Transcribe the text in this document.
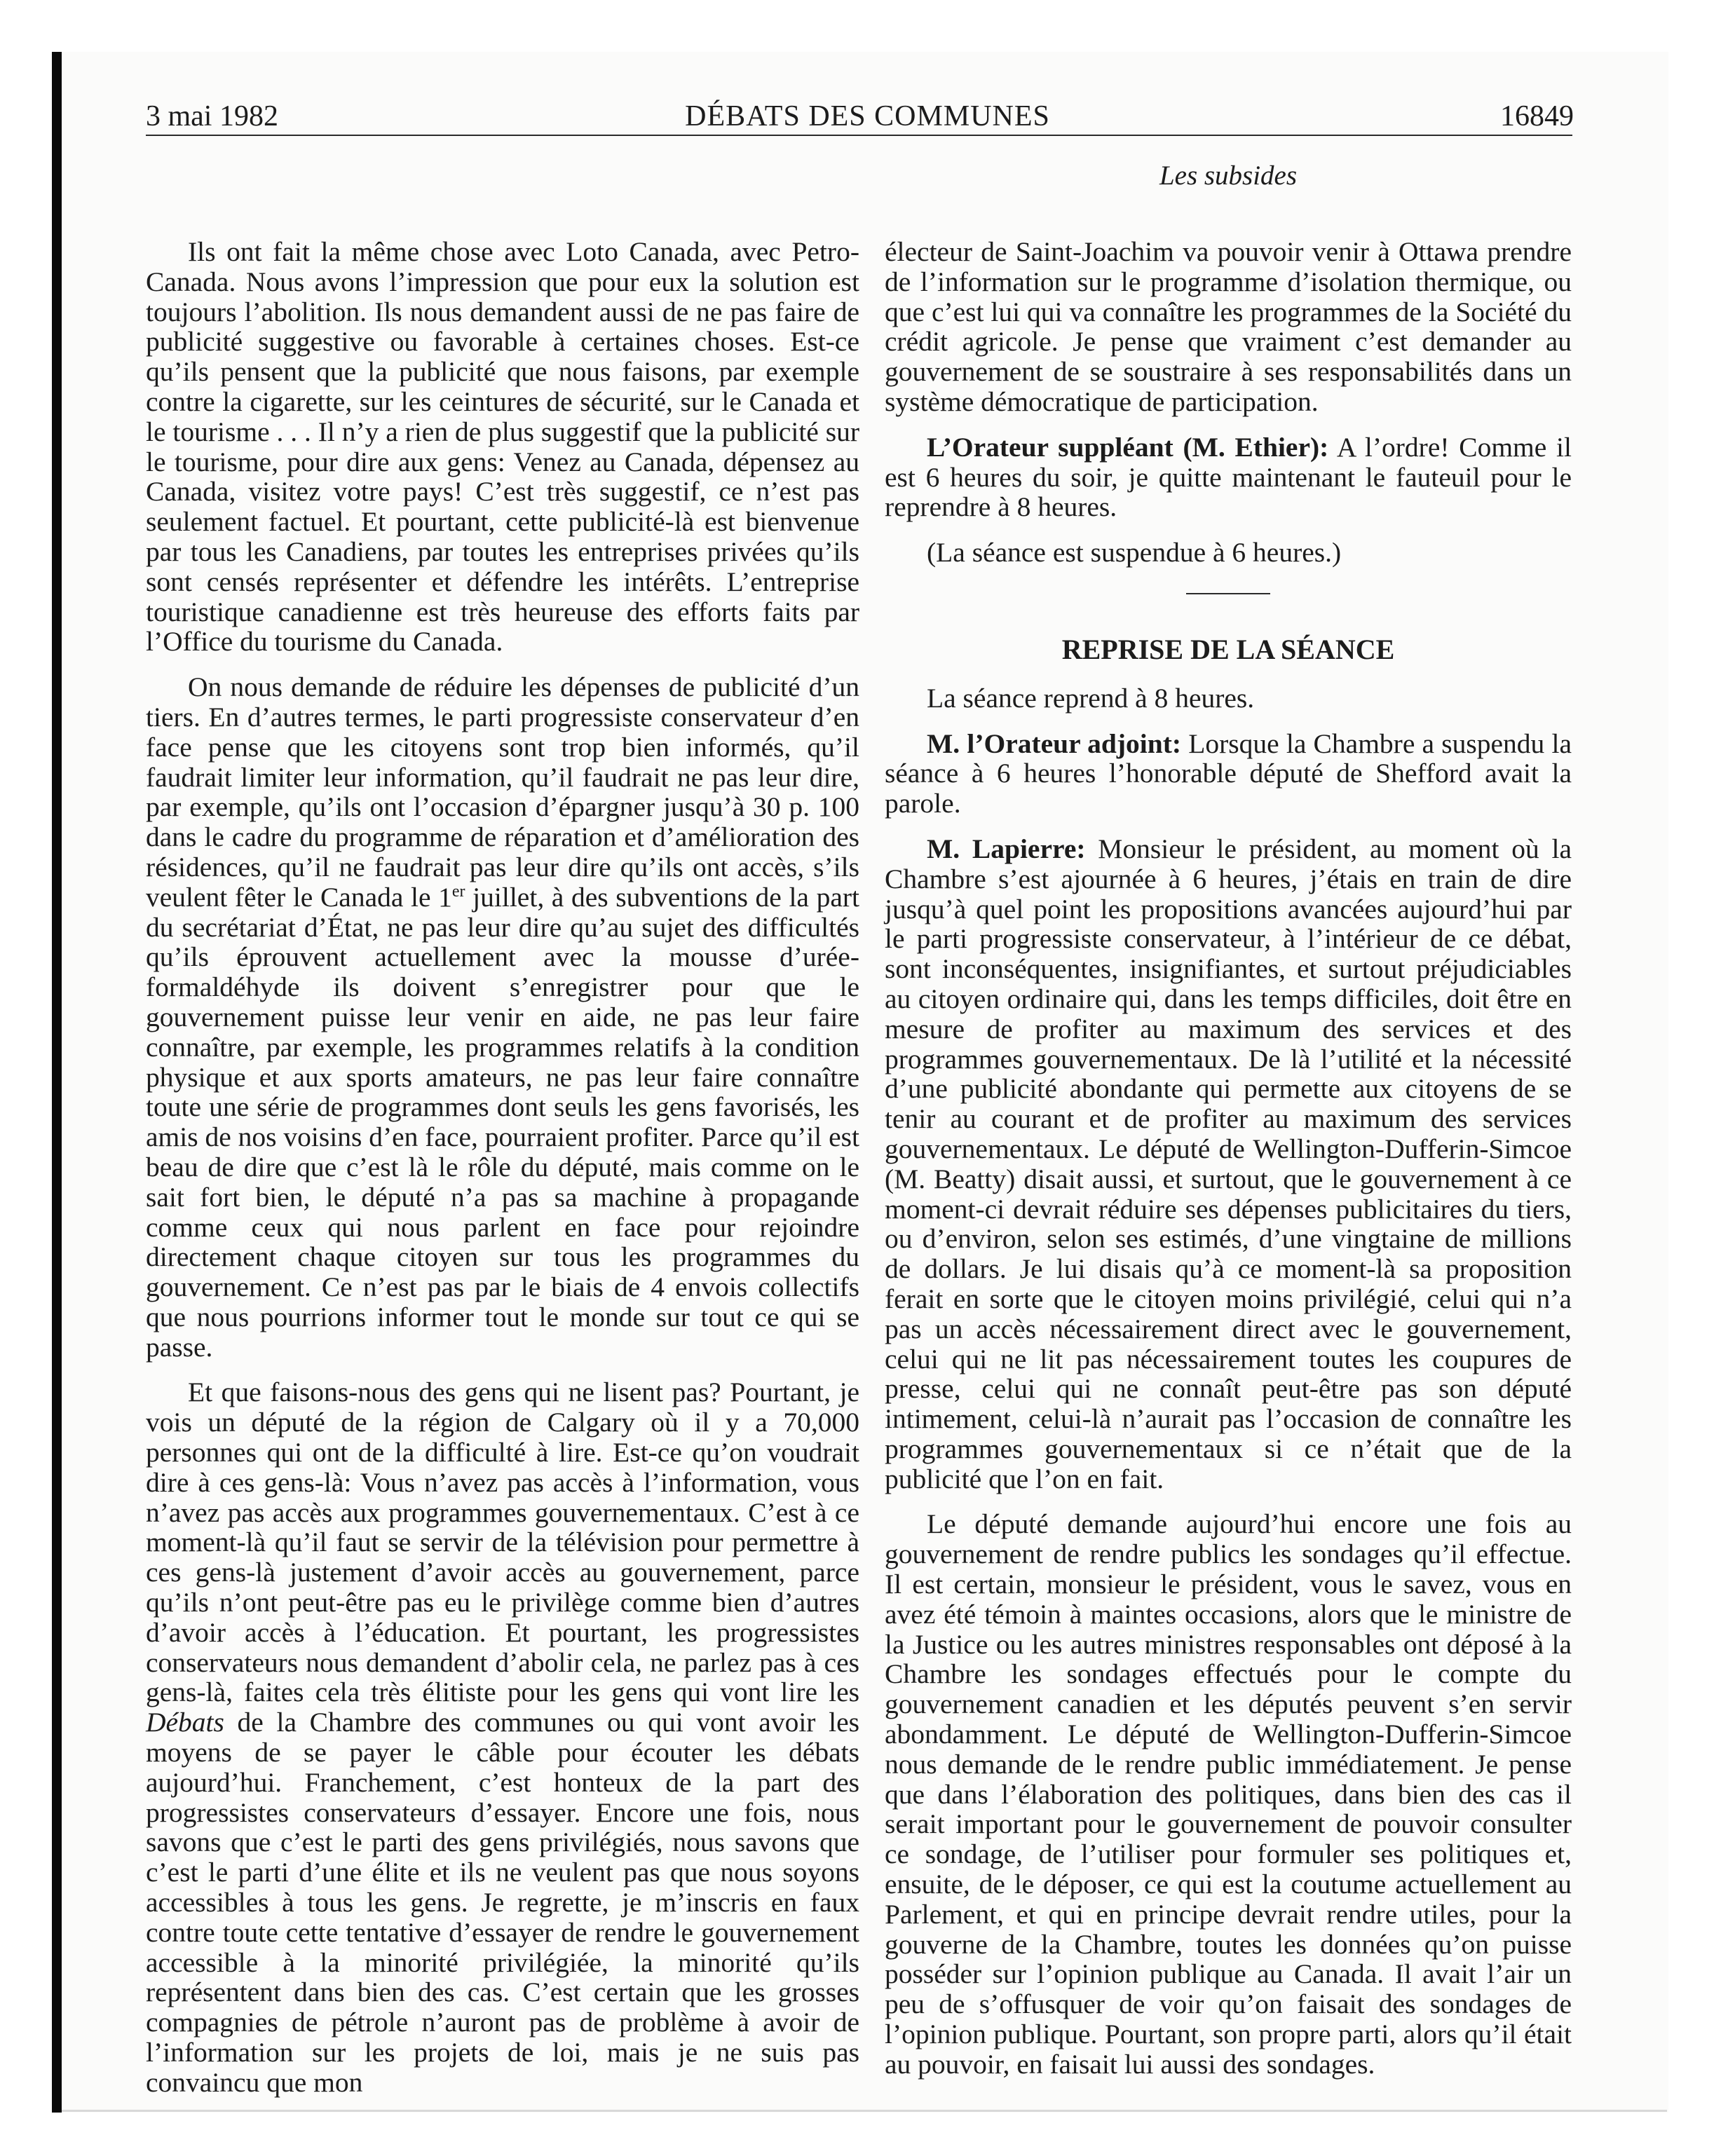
3 mai 1982	DÉBATS DES COMMUNES	16849
Les subsides

Ils ont fait la même chose avec Loto Canada, avec Petro-Canada. Nous avons l’impression que pour eux la solution est toujours l’abolition. Ils nous demandent aussi de ne pas faire de publicité suggestive ou favorable à certaines choses. Est-ce qu’ils pensent que la publicité que nous faisons, par exemple contre la cigarette, sur les ceintures de sécurité, sur le Canada et le tourisme . . . Il n’y a rien de plus suggestif que la publicité sur le tourisme, pour dire aux gens: Venez au Canada, dépensez au Canada, visitez votre pays! C’est très suggestif, ce n’est pas seulement factuel. Et pourtant, cette publicité-là est bienvenue par tous les Canadiens, par toutes les entreprises privées qu’ils sont censés représenter et défendre les intérêts. L’entreprise touristique canadienne est très heureuse des efforts faits par l’Office du tourisme du Canada.

On nous demande de réduire les dépenses de publicité d’un tiers. En d’autres termes, le parti progressiste conservateur d’en face pense que les citoyens sont trop bien informés, qu’il faudrait limiter leur information, qu’il faudrait ne pas leur dire, par exemple, qu’ils ont l’occasion d’épargner jusqu’à 30 p. 100 dans le cadre du programme de réparation et d’amélioration des résidences, qu’il ne faudrait pas leur dire qu’ils ont accès, s’ils veulent fêter le Canada le 1er juillet, à des subventions de la part du secrétariat d’État, ne pas leur dire qu’au sujet des difficultés qu’ils éprouvent actuellement avec la mousse d’urée-formaldéhyde ils doivent s’enregistrer pour que le gouvernement puisse leur venir en aide, ne pas leur faire connaître, par exemple, les programmes relatifs à la condition physique et aux sports amateurs, ne pas leur faire connaître toute une série de programmes dont seuls les gens favorisés, les amis de nos voisins d’en face, pourraient profiter. Parce qu’il est beau de dire que c’est là le rôle du député, mais comme on le sait fort bien, le député n’a pas sa machine à propagande comme ceux qui nous parlent en face pour rejoindre directement chaque citoyen sur tous les programmes du gouvernement. Ce n’est pas par le biais de 4 envois collectifs que nous pourrions informer tout le monde sur tout ce qui se passe.

Et que faisons-nous des gens qui ne lisent pas? Pourtant, je vois un député de la région de Calgary où il y a 70,000 personnes qui ont de la difficulté à lire. Est-ce qu’on voudrait dire à ces gens-là: Vous n’avez pas accès à l’information, vous n’avez pas accès aux programmes gouvernementaux. C’est à ce moment-là qu’il faut se servir de la télévision pour permettre à ces gens-là justement d’avoir accès au gouvernement, parce qu’ils n’ont peut-être pas eu le privilège comme bien d’autres d’avoir accès à l’éducation. Et pourtant, les progressistes conservateurs nous demandent d’abolir cela, ne parlez pas à ces gens-là, faites cela très élitiste pour les gens qui vont lire les Débats de la Chambre des communes ou qui vont avoir les moyens de se payer le câble pour écouter les débats aujourd’hui. Franchement, c’est honteux de la part des progressistes conservateurs d’essayer. Encore une fois, nous savons que c’est le parti des gens privilégiés, nous savons que c’est le parti d’une élite et ils ne veulent pas que nous soyons accessibles à tous les gens. Je regrette, je m’inscris en faux contre toute cette tentative d’essayer de rendre le gouvernement accessible à la minorité privilégiée, la minorité qu’ils représentent dans bien des cas. C’est certain que les grosses compagnies de pétrole n’auront pas de problème à avoir de l’information sur les projets de loi, mais je ne suis pas convaincu que mon

électeur de Saint-Joachim va pouvoir venir à Ottawa prendre de l’information sur le programme d’isolation thermique, ou que c’est lui qui va connaître les programmes de la Société du crédit agricole. Je pense que vraiment c’est demander au gouvernement de se soustraire à ses responsabilités dans un système démocratique de participation.

L’Orateur suppléant (M. Ethier): A l’ordre! Comme il est 6 heures du soir, je quitte maintenant le fauteuil pour le reprendre à 8 heures.

(La séance est suspendue à 6 heures.)

REPRISE DE LA SÉANCE

La séance reprend à 8 heures.

M. l’Orateur adjoint: Lorsque la Chambre a suspendu la séance à 6 heures l’honorable député de Shefford avait la parole.

M. Lapierre: Monsieur le président, au moment où la Chambre s’est ajournée à 6 heures, j’étais en train de dire jusqu’à quel point les propositions avancées aujourd’hui par le parti progressiste conservateur, à l’intérieur de ce débat, sont inconséquentes, insignifiantes, et surtout préjudiciables au citoyen ordinaire qui, dans les temps difficiles, doit être en mesure de profiter au maximum des services et des programmes gouvernementaux. De là l’utilité et la nécessité d’une publicité abondante qui permette aux citoyens de se tenir au courant et de profiter au maximum des services gouvernementaux. Le député de Wellington-Dufferin-Simcoe (M. Beatty) disait aussi, et surtout, que le gouvernement à ce moment-ci devrait réduire ses dépenses publicitaires du tiers, ou d’environ, selon ses estimés, d’une vingtaine de millions de dollars. Je lui disais qu’à ce moment-là sa proposition ferait en sorte que le citoyen moins privilégié, celui qui n’a pas un accès nécessairement direct avec le gouvernement, celui qui ne lit pas nécessairement toutes les coupures de presse, celui qui ne connaît peut-être pas son député intimement, celui-là n’aurait pas l’occasion de connaître les programmes gouvernementaux si ce n’était que de la publicité que l’on en fait.

Le député demande aujourd’hui encore une fois au gouvernement de rendre publics les sondages qu’il effectue. Il est certain, monsieur le président, vous le savez, vous en avez été témoin à maintes occasions, alors que le ministre de la Justice ou les autres ministres responsables ont déposé à la Chambre les sondages effectués pour le compte du gouvernement canadien et les députés peuvent s’en servir abondamment. Le député de Wellington-Dufferin-Simcoe nous demande de le rendre public immédiatement. Je pense que dans l’élaboration des politiques, dans bien des cas il serait important pour le gouvernement de pouvoir consulter ce sondage, de l’utiliser pour formuler ses politiques et, ensuite, de le déposer, ce qui est la coutume actuellement au Parlement, et qui en principe devrait rendre utiles, pour la gouverne de la Chambre, toutes les données qu’on puisse posséder sur l’opinion publique au Canada. Il avait l’air un peu de s’offusquer de voir qu’on faisait des sondages de l’opinion publique. Pourtant, son propre parti, alors qu’il était au pouvoir, en faisait lui aussi des sondages.
